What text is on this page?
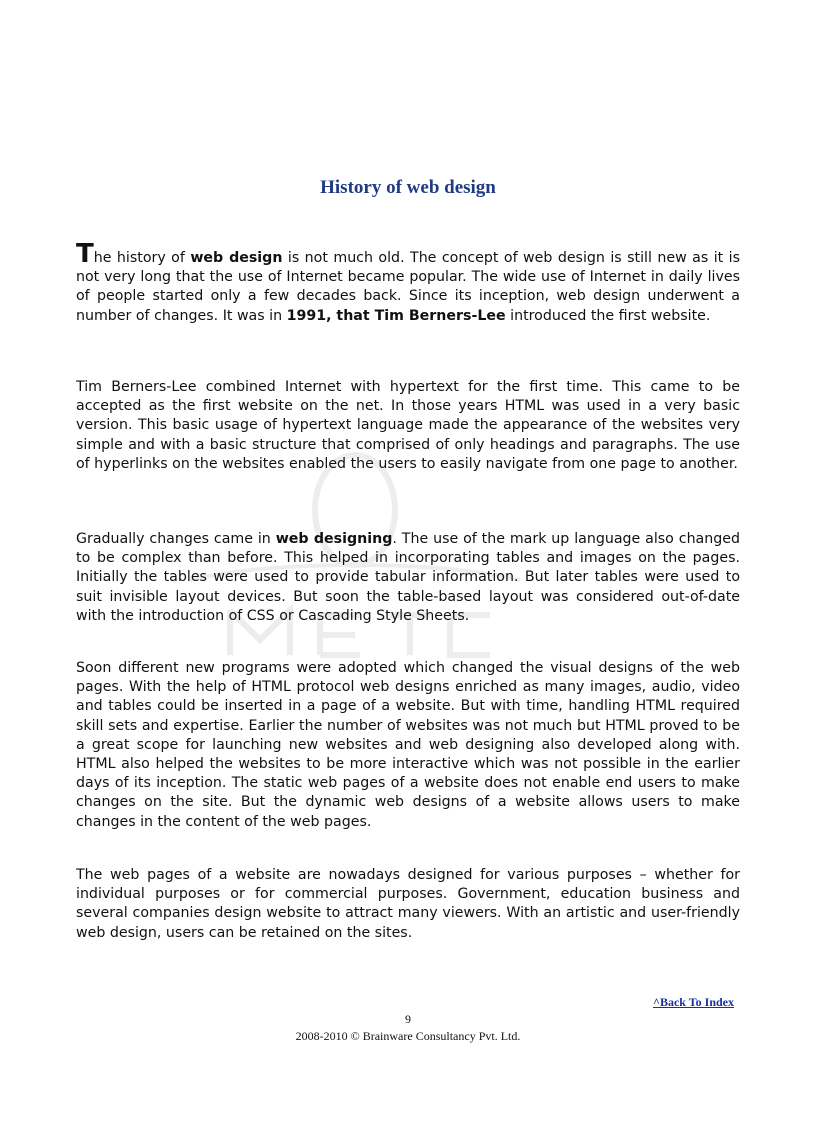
History of web design

The history of web design is not much old. The concept of web design is still new as it is not very long that the use of Internet became popular. The wide use of Internet in daily lives of people started only a few decades back. Since its inception, web design underwent a number of changes. It was in 1991, that Tim Berners-Lee introduced the first website.

Tim Berners-Lee combined Internet with hypertext for the first time. This came to be accepted as the first website on the net. In those years HTML was used in a very basic version. This basic usage of hypertext language made the appearance of the websites very simple and with a basic structure that comprised of only headings and paragraphs. The use of hyperlinks on the websites enabled the users to easily navigate from one page to another.

Gradually changes came in web designing. The use of the mark up language also changed to be complex than before. This helped in incorporating tables and images on the pages. Initially the tables were used to provide tabular information. But later tables were used to suit invisible layout devices. But soon the table-based layout was considered out-of-date with the introduction of CSS or Cascading Style Sheets.

Soon different new programs were adopted which changed the visual designs of the web pages. With the help of HTML protocol web designs enriched as many images, audio, video and tables could be inserted in a page of a website. But with time, handling HTML required skill sets and expertise. Earlier the number of websites was not much but HTML proved to be a great scope for launching new websites and web designing also developed along with. HTML also helped the websites to be more interactive which was not possible in the earlier days of its inception. The static web pages of a website does not enable end users to make changes on the site. But the dynamic web designs of a website allows users to make changes in the content of the web pages.

The web pages of a website are nowadays designed for various purposes – whether for individual purposes or for commercial purposes. Government, education business and several companies design website to attract many viewers. With an artistic and user-friendly web design, users can be retained on the sites.

^Back To Index
9
2008-2010 © Brainware Consultancy Pvt. Ltd.
